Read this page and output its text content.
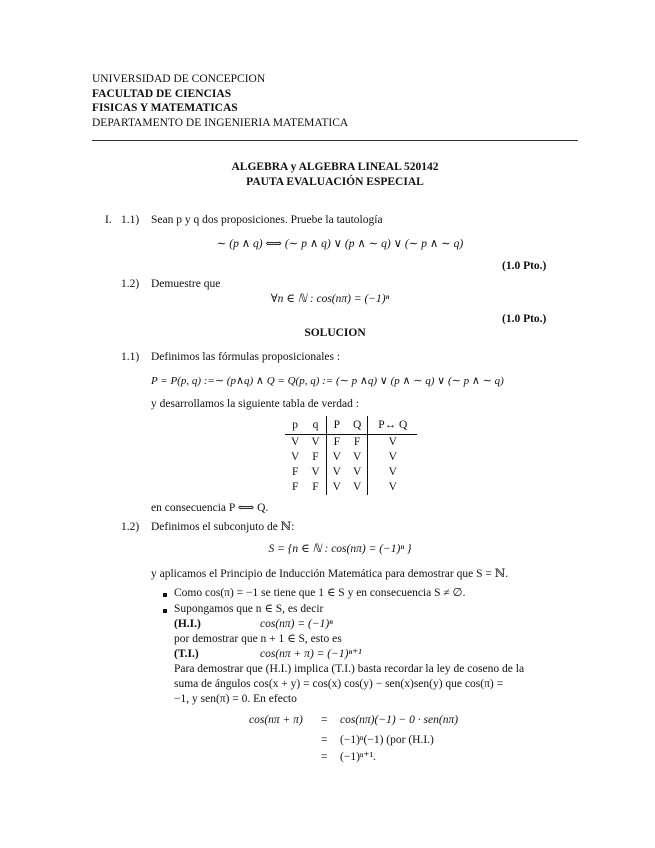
UNIVERSIDAD DE CONCEPCION
FACULTAD DE CIENCIAS
FISICAS Y MATEMATICAS
DEPARTAMENTO DE INGENIERIA MATEMATICA
ALGEBRA y ALGEBRA LINEAL 520142
PAUTA EVALUACIÓN ESPECIAL
I. 1.1) Sean p y q dos proposiciones. Pruebe la tautología
∼ (p ∧ q) ⟺ (∼ p ∧ q) ∨ (p ∧ ∼ q) ∨ (∼ p ∧ ∼ q)
(1.0 Pto.)
1.2) Demuestre que
∀n ∈ ℕ : cos(nπ) = (−1)ⁿ
(1.0 Pto.)
SOLUCION
1.1) Definimos las fórmulas proposicionales :
P = P(p, q) :=∼ (p∧q) ∧ Q = Q(p, q) := (∼ p ∧q) ∨ (p ∧ ∼ q) ∨ (∼ p ∧ ∼ q)
y desarrollamos la siguiente tabla de verdad :
p	q	P	Q	P↔ Q
V	V	F	F	V
V	F	V	V	V
F	V	V	V	V
F	F	V	V	V
en consecuencia P ⟺ Q.
1.2) Definimos el subconjuto de ℕ:
S = {n ∈ ℕ : cos(nπ) = (−1)ⁿ }
y aplicamos el Principio de Inducción Matemática para demostrar que S = ℕ.
Como cos(π) = −1 se tiene que 1 ∈ S y en consecuencia S ≠ ∅.
Supongamos que n ∈ S, es decir
(H.I.)	cos(nπ) = (−1)ⁿ
por demostrar que n + 1 ∈ S, esto es
(T.I.)	cos(nπ + π) = (−1)ⁿ⁺¹
Para demostrar que (H.I.) implica (T.I.) basta recordar la ley de coseno de la
suma de ángulos cos(x + y) = cos(x) cos(y) − sen(x)sen(y) que cos(π) =
−1, y sen(π) = 0. En efecto
cos(nπ + π) = cos(nπ)(−1) − 0 · sen(nπ)
= (−1)ⁿ(−1) (por (H.I.)
= (−1)ⁿ⁺¹.
